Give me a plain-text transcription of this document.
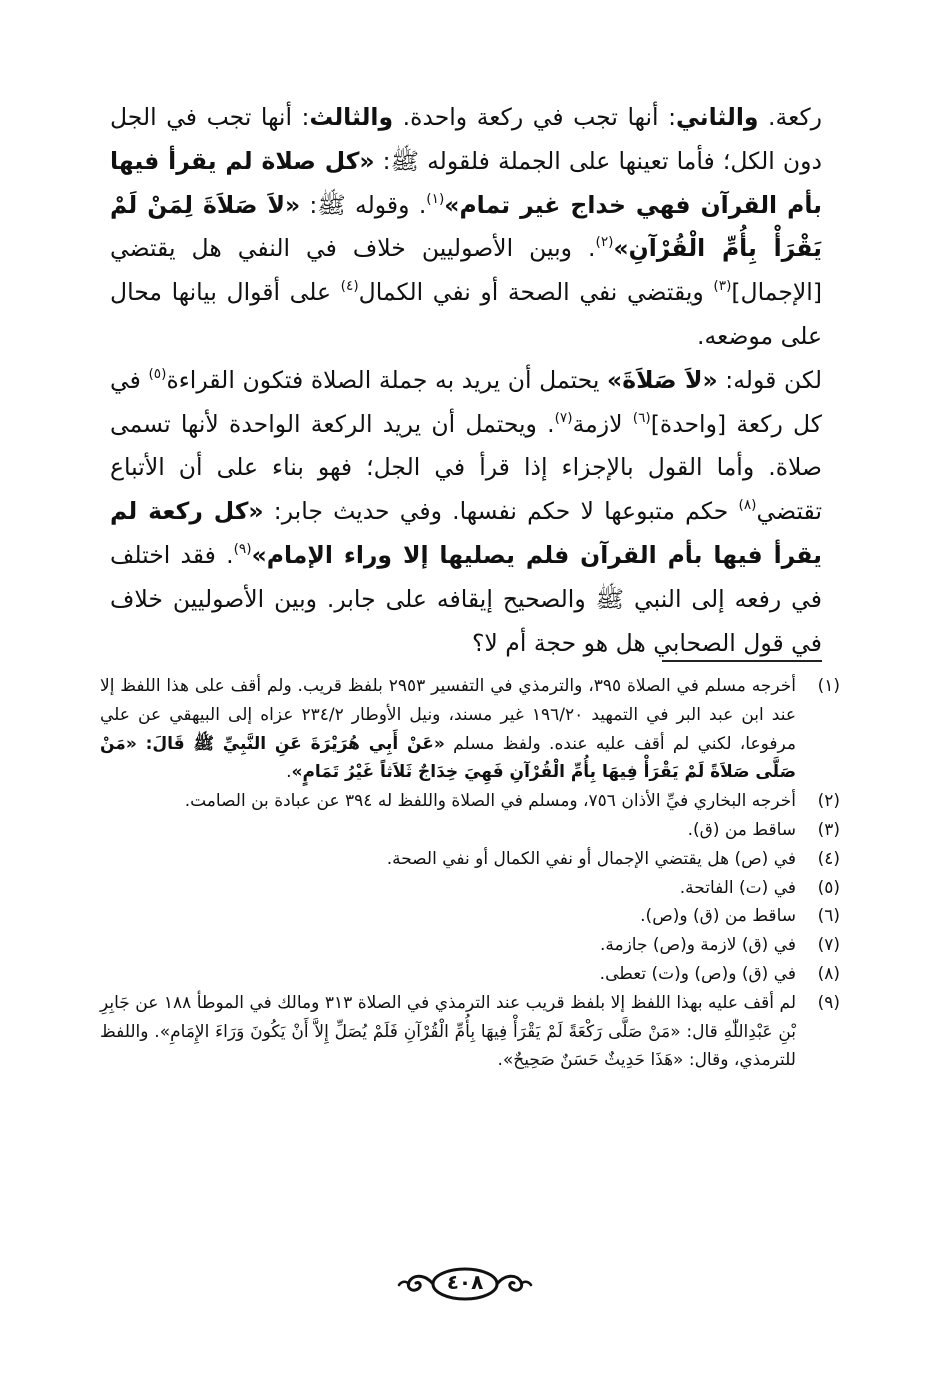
ركعة. والثاني: أنها تجب في ركعة واحدة. والثالث: أنها تجب في الجل دون الكل؛ فأما تعينها على الجملة فلقوله ﷺ: «كل صلاة لم يقرأ فيها بأم القرآن فهي خداج غير تمام»$^{(١)}$. وقوله ﷺ: «لاَ صَلاَةَ لِمَنْ لَمْ يَقْرَأْ بِأُمِّ الْقُرْآنِ»$^{(٢)}$. وبين الأصوليين خلاف في النفي هل يقتضي [الإجمال]$^{(٣)}$ ويقتضي نفي الصحة أو نفي الكمال$^{(٤)}$ على أقوال بيانها محال على موضعه.

لكن قوله: «لاَ صَلاَةَ» يحتمل أن يريد به جملة الصلاة فتكون القراءة$^{(٥)}$ في كل ركعة [واحدة]$^{(٦)}$ لازمة$^{(٧)}$. ويحتمل أن يريد الركعة الواحدة لأنها تسمى صلاة. وأما القول بالإجزاء إذا قرأ في الجل؛ فهو بناء على أن الأتباع تقتضي$^{(٨)}$ حكم متبوعها لا حكم نفسها. وفي حديث جابر: «كل ركعة لم يقرأ فيها بأم القرآن فلم يصليها إلا وراء الإمام»$^{(٩)}$. فقد اختلف في رفعه إلى النبي ﷺ والصحيح إيقافه على جابر. وبين الأصوليين خلاف في قول الصحابي هل هو حجة أم لا؟

(١)
أخرجه مسلم في الصلاة ٣٩٥، والترمذي في التفسير ٢٩٥٣ بلفظ قريب. ولم أقف على هذا اللفظ إلا عند ابن عبد البر في التمهيد ١٩٦/٢٠ غير مسند، ونيل الأوطار ٢٣٤/٢ عزاه إلى البيهقي عن علي مرفوعا، لكني لم أقف عليه عنده. ولفظ مسلم «عَنْ أَبِي هُرَيْرَةَ عَنِ النَّبِيِّ ﷺ قَالَ: «مَنْ صَلَّى صَلاَةً لَمْ يَقْرَأْ فِيهَا بِأُمِّ الْقُرْآنِ فَهِيَ خِدَاجٌ ثَلاَثاً غَيْرُ تَمَامٍ».
(٢)
أخرجه البخاري فيِّ الأذان ٧٥٦، ومسلم في الصلاة واللفظ له ٣٩٤ عن عبادة بن الصامت.
(٣)
ساقط من (ق).
(٤)
في (ص) هل يقتضي الإجمال أو نفي الكمال أو نفي الصحة.
(٥)
في (ت) الفاتحة.
(٦)
ساقط من (ق) و(ص).
(٧)
في (ق) لازمة و(ص) جازمة.
(٨)
في (ق) و(ص) و(ت) تعطى.
(٩)
لم أقف عليه بهذا اللفظ إلا بلفظ قريب عند الترمذي في الصلاة ٣١٣ ومالك في الموطأ ١٨٨ عن جَابِرِ بْنِ عَبْدِاللّٰهِ قال: «مَنْ صَلَّى رَكْعَةً لَمْ يَقْرَأْ فِيهَا بِأُمِّ الْقُرْآنِ فَلَمْ يُصَلِّ إِلاَّ أَنْ يَكُونَ وَرَاءَ الإِمَامِ». واللفظ للترمذي، وقال: «هَذَا حَدِيثٌ حَسَنٌ صَحِيحٌ».
٤٠٨
